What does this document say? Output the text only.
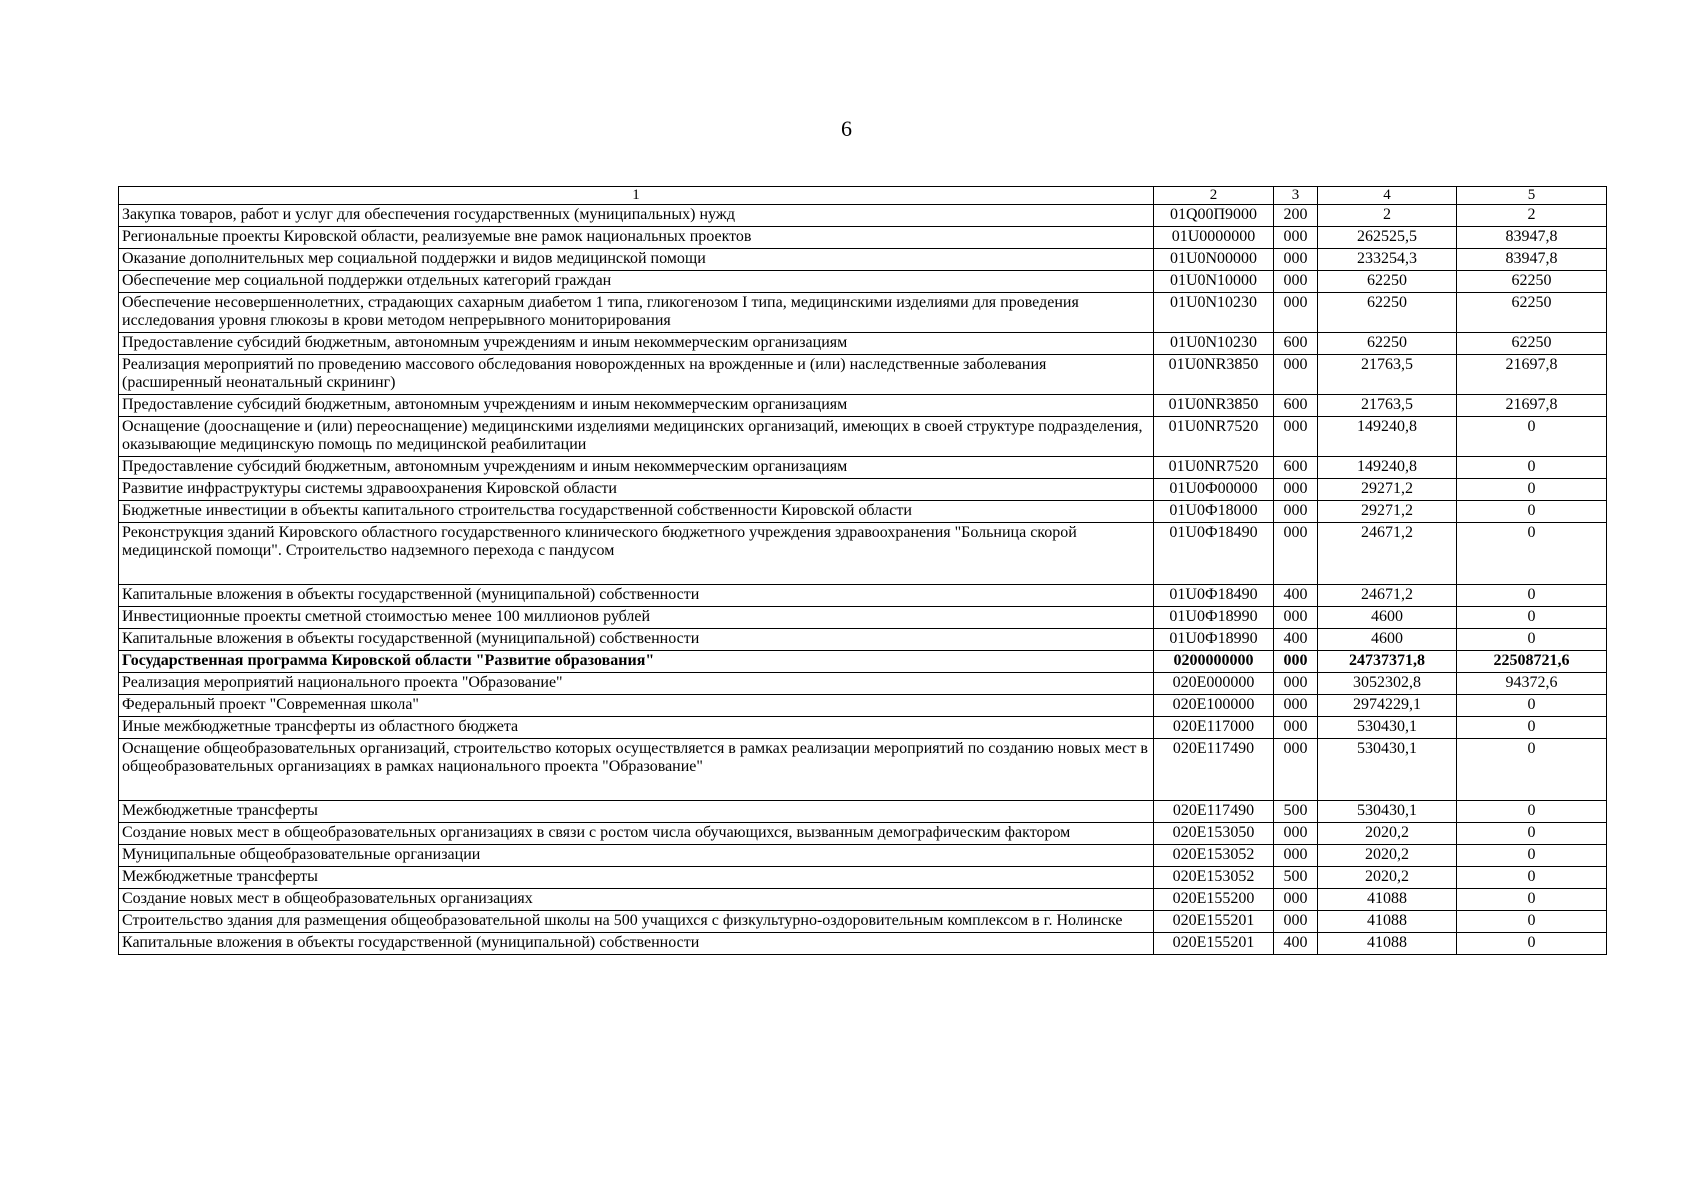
6
1	2	3	4	5
Закупка товаров, работ и услуг для обеспечения государственных (муниципальных) нужд	01Q00П9000	200	2	2
Региональные проекты Кировской области, реализуемые вне рамок национальных проектов	01U0000000	000	262525,5	83947,8
Оказание дополнительных мер социальной поддержки и видов медицинской помощи	01U0N00000	000	233254,3	83947,8
Обеспечение мер социальной поддержки отдельных категорий граждан	01U0N10000	000	62250	62250
Обеспечение несовершеннолетних, страдающих сахарным диабетом 1 типа, гликогенозом I типа, медицинскими изделиями для проведения исследования уровня глюкозы в крови методом непрерывного мониторирования	01U0N10230	000	62250	62250
Предоставление субсидий бюджетным, автономным учреждениям и иным некоммерческим организациям	01U0N10230	600	62250	62250
Реализация мероприятий по проведению массового обследования новорожденных на врожденные и (или) наследственные заболевания (расширенный неонатальный скрининг)	01U0NR3850	000	21763,5	21697,8
Предоставление субсидий бюджетным, автономным учреждениям и иным некоммерческим организациям	01U0NR3850	600	21763,5	21697,8
Оснащение (дооснащение и (или) переоснащение) медицинскими изделиями медицинских организаций, имеющих в своей структуре подразделения, оказывающие медицинскую помощь по медицинской реабилитации	01U0NR7520	000	149240,8	0
Предоставление субсидий бюджетным, автономным учреждениям и иным некоммерческим организациям	01U0NR7520	600	149240,8	0
Развитие инфраструктуры системы здравоохранения Кировской области	01U0Ф00000	000	29271,2	0
Бюджетные инвестиции в объекты капитального строительства государственной собственности Кировской области	01U0Ф18000	000	29271,2	0
Реконструкция зданий Кировского областного государственного клинического бюджетного учреждения здравоохранения "Больница скорой медицинской помощи". Строительство надземного перехода с пандусом	01U0Ф18490	000	24671,2	0
Капитальные вложения в объекты государственной (муниципальной) собственности	01U0Ф18490	400	24671,2	0
Инвестиционные проекты сметной стоимостью менее 100 миллионов рублей	01U0Ф18990	000	4600	0
Капитальные вложения в объекты государственной (муниципальной) собственности	01U0Ф18990	400	4600	0
Государственная программа Кировской области "Развитие образования"	0200000000	000	24737371,8	22508721,6
Реализация мероприятий национального проекта "Образование"	020E000000	000	3052302,8	94372,6
Федеральный проект "Современная школа"	020E100000	000	2974229,1	0
Иные межбюджетные трансферты из областного бюджета	020E117000	000	530430,1	0
Оснащение общеобразовательных организаций, строительство которых осуществляется в рамках реализации мероприятий по созданию новых мест в общеобразовательных организациях в рамках национального проекта "Образование"	020E117490	000	530430,1	0
Межбюджетные трансферты	020E117490	500	530430,1	0
Создание новых мест в общеобразовательных организациях в связи с ростом числа обучающихся, вызванным демографическим фактором	020E153050	000	2020,2	0
Муниципальные общеобразовательные организации	020E153052	000	2020,2	0
Межбюджетные трансферты	020E153052	500	2020,2	0
Создание новых мест в общеобразовательных организациях	020E155200	000	41088	0
Строительство здания для размещения общеобразовательной школы на 500 учащихся с физкультурно-оздоровительным комплексом в г. Нолинске	020E155201	000	41088	0
Капитальные вложения в объекты государственной (муниципальной) собственности	020E155201	400	41088	0
